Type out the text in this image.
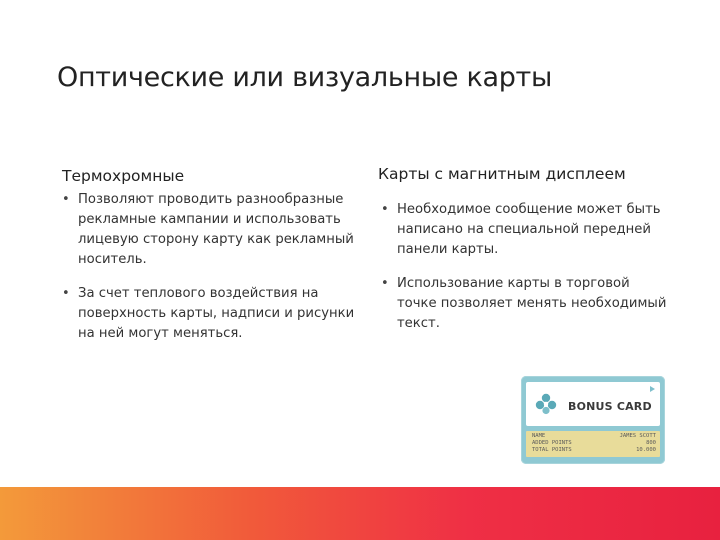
Оптические или визуальные карты
Термохромные	Карты с магнитным дисплеем
• Позволяют проводить разнообразные рекламные кампании и использовать лицевую сторону карту как рекламный носитель.
• За счет теплового воздействия на поверхность карты, надписи и рисунки на ней могут меняться.
• Необходимое сообщение может быть написано на специальной передней панели карты.
• Использование карты в торговой точке позволяет менять необходимый текст.
BONUS CARD
NAME	JAMES SCOTT
ADDED POINTS	800
TOTAL POINTS	10.000
